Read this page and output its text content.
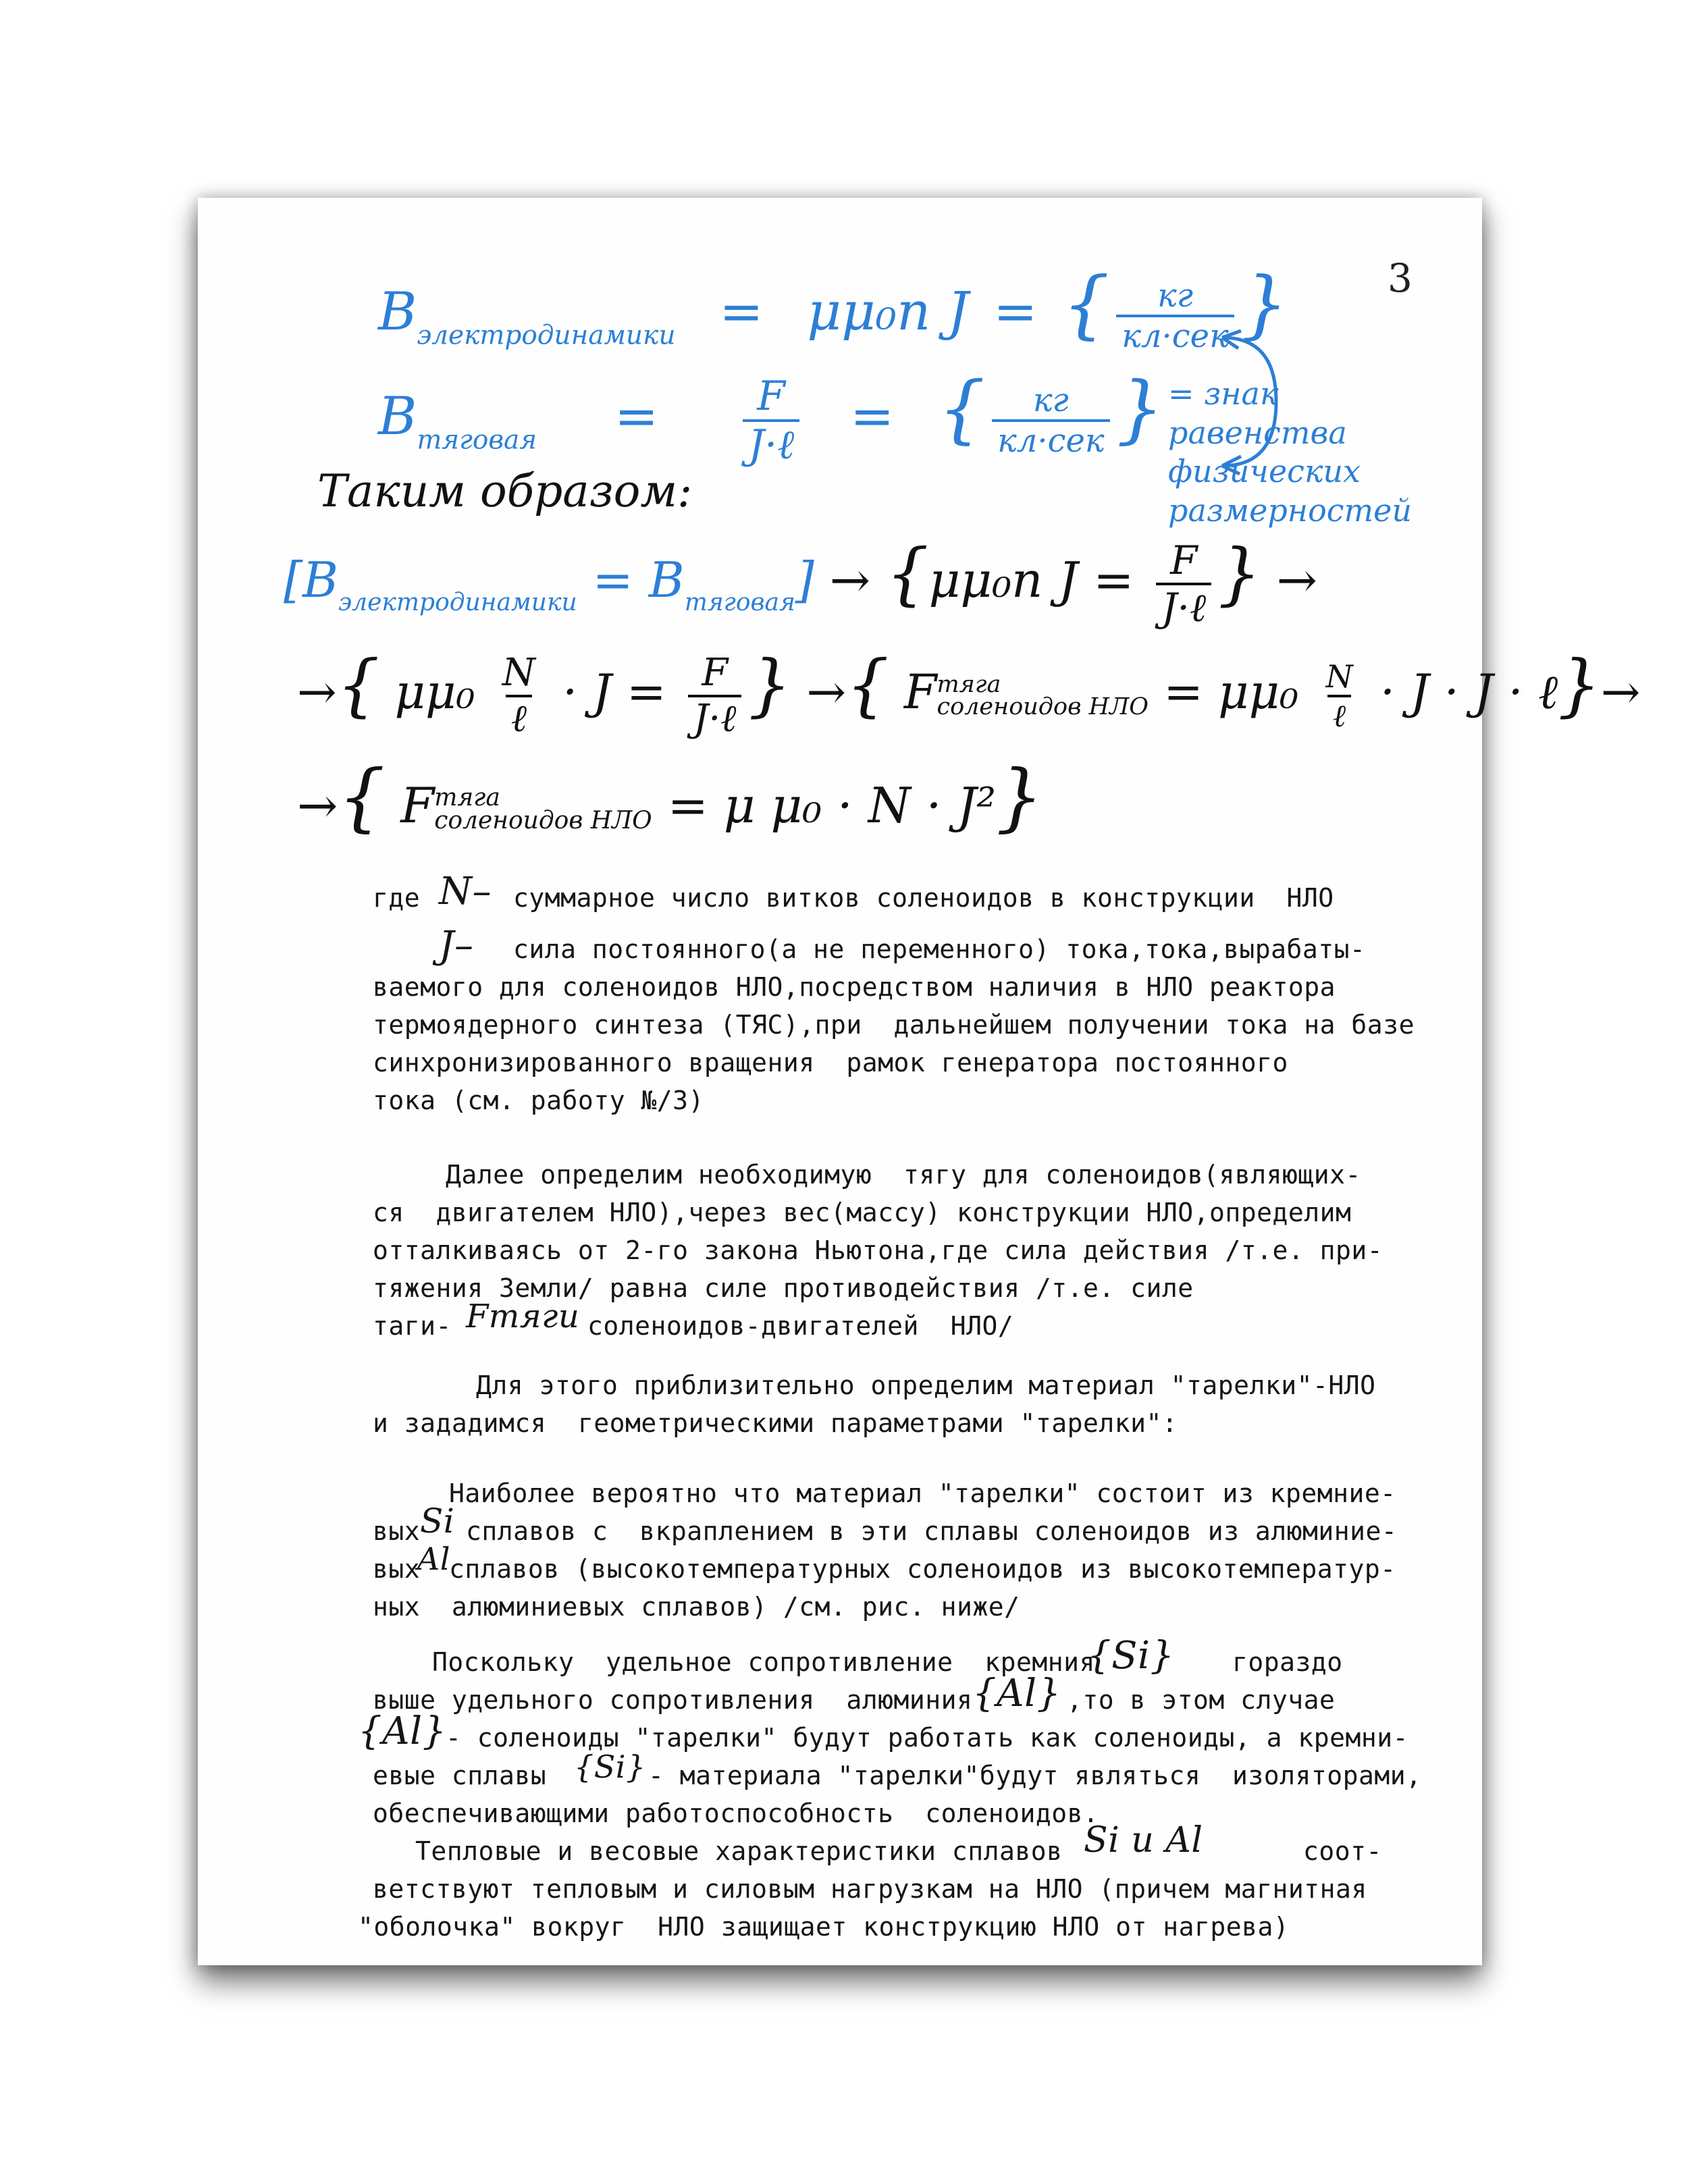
3
$B_{электродинамики} = \mu\mu_0n$ J = { $\frac{кг}{\text{кл·сек}}$ }
$B_{тяговая} = \frac{F}{\text{J·ℓ}}$ = { $\frac{кг}{\text{кл·сек}}$ } = знак равенства физических размерностей
Таким образом:
$[B_{электродинамики} = B_{тяговая}] \to \{\mu\mu_0n$ $J = \frac{F}{\text{J·ℓ}}$ } →
→{ $\mu\mu_0 \frac{N}{\text{ℓ}} \cdot J = \frac{F}{\text{J·ℓ}}$ } →{ F тяга
соленоидов НЛО = $\mu\mu_0 \frac{N}{\text{ℓ}} \cdot J \cdot J$ · ℓ}→
→{ F тяга
соленоидов НЛО = μ μ₀ · N · J²}
где N– суммарное число витков соленоидов в конструкции  НЛО
J– сила постоянного(а не переменного) тока,тока,вырабаты-
ваемого для соленоидов НЛО,посредством наличия в НЛО реактора
термоядерного синтеза (ТЯС),при  дальнейшем получении тока на базе
синхронизированного вращения  рамок генератора постоянного
тока (см. работу №/3)
Далее определим необходимую  тягу для соленоидов(являющих-
ся  двигателем НЛО),через вес(массу) конструкции НЛО,определим
отталкиваясь от 2-го закона Ньютона,где сила действия /т.е. при-
тяжения Земли/ равна силе противодействия /т.е. силе
таги- Fтяги соленоидов-двигателей  НЛО/
Для этого приблизительно определим материал "тарелки"-НЛО
и зададимся  геометрическими параметрами "тарелки":
Наиболее вероятно что материал "тарелки" состоит из кремние-
вых Si сплавов с  вкраплением в эти сплавы соленоидов из алюминие-
вых
Al
сплавов (высокотемпературных соленоидов из высокотемператур-
ных  алюминиевых сплавов) /см. рис. ниже/
Поскольку  удельное сопротивление  кремния
{Si} гораздо
выше удельного сопротивления  алюминия {Al} ,то в этом случае
{Al}
- соленоиды "тарелки" будут работать как соленоиды, а кремни-
евые сплавы {Si} - материала "тарелки"будут являться  изоляторами,
обеспечивающими работоспособность  соленоидов.
Тепловые и весовые характеристики сплавов Si и Al	соот-
ветствуют тепловым и силовым нагрузкам на НЛО (причем магнитная
"оболочка" вокруг  НЛО защищает конструкцию НЛО от нагрева)
